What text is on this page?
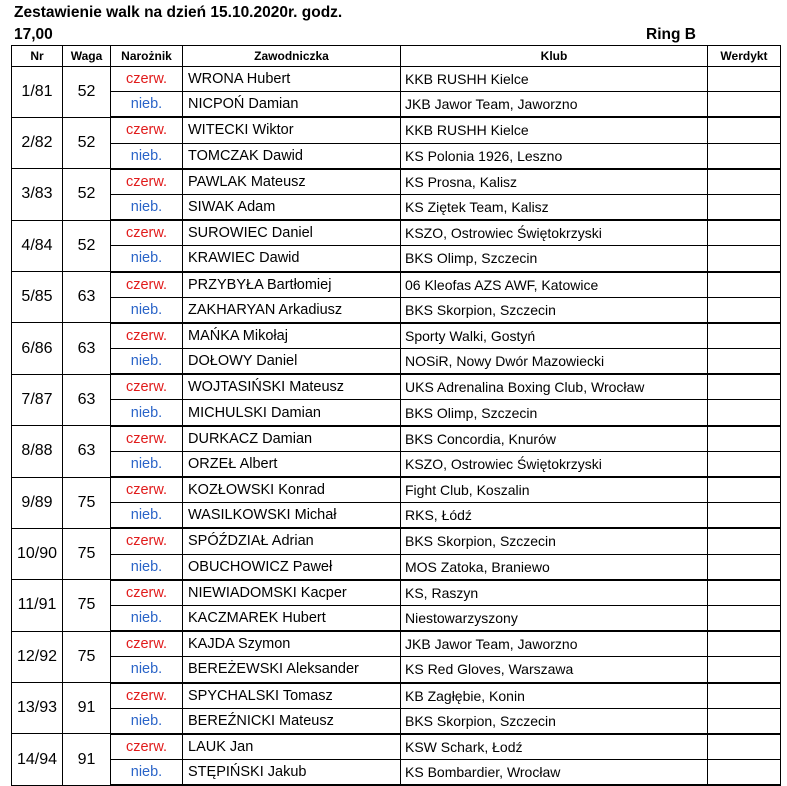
Zestawienie walk na dzień 15.10.2020r. godz.
17,00	Ring B
Nr	Waga	Narożnik	Zawodniczka	Klub	Werdykt
1/81	52	czerw.	WRONA Hubert	KKB RUSHH Kielce	
		nieb.	NICPOŃ Damian	JKB Jawor Team, Jaworzno	
2/82	52	czerw.	WITECKI Wiktor	KKB RUSHH Kielce	
		nieb.	TOMCZAK Dawid	KS Polonia 1926, Leszno	
3/83	52	czerw.	PAWLAK Mateusz	KS Prosna, Kalisz	
		nieb.	SIWAK Adam	KS Ziętek Team, Kalisz	
4/84	52	czerw.	SUROWIEC Daniel	KSZO, Ostrowiec Świętokrzyski	
		nieb.	KRAWIEC Dawid	BKS Olimp, Szczecin	
5/85	63	czerw.	PRZYBYŁA Bartłomiej	06 Kleofas AZS AWF, Katowice	
		nieb.	ZAKHARYAN Arkadiusz	BKS Skorpion, Szczecin	
6/86	63	czerw.	MAŃKA Mikołaj	Sporty Walki, Gostyń	
		nieb.	DOŁOWY Daniel	NOSiR, Nowy Dwór Mazowiecki	
7/87	63	czerw.	WOJTASIŃSKI Mateusz	UKS Adrenalina Boxing Club, Wrocław	
		nieb.	MICHULSKI Damian	BKS Olimp, Szczecin	
8/88	63	czerw.	DURKACZ Damian	BKS Concordia, Knurów	
		nieb.	ORZEŁ Albert	KSZO, Ostrowiec Świętokrzyski	
9/89	75	czerw.	KOZŁOWSKI Konrad	Fight Club, Koszalin	
		nieb.	WASILKOWSKI Michał	RKS, Łódź	
10/90	75	czerw.	SPÓŹDZIAŁ Adrian	BKS Skorpion, Szczecin	
		nieb.	OBUCHOWICZ Paweł	MOS Zatoka, Braniewo	
11/91	75	czerw.	NIEWIADOMSKI Kacper	KS, Raszyn	
		nieb.	KACZMAREK Hubert	Niestowarzyszony	
12/92	75	czerw.	KAJDA Szymon	JKB Jawor Team, Jaworzno	
		nieb.	BEREŻEWSKI Aleksander	KS Red Gloves, Warszawa	
13/93	91	czerw.	SPYCHALSKI Tomasz	KB Zagłębie, Konin	
		nieb.	BEREŹNICKI Mateusz	BKS Skorpion, Szczecin	
14/94	91	czerw.	LAUK Jan	KSW Schark, Łodź	
		nieb.	STĘPIŃSKI Jakub	KS Bombardier, Wrocław	
